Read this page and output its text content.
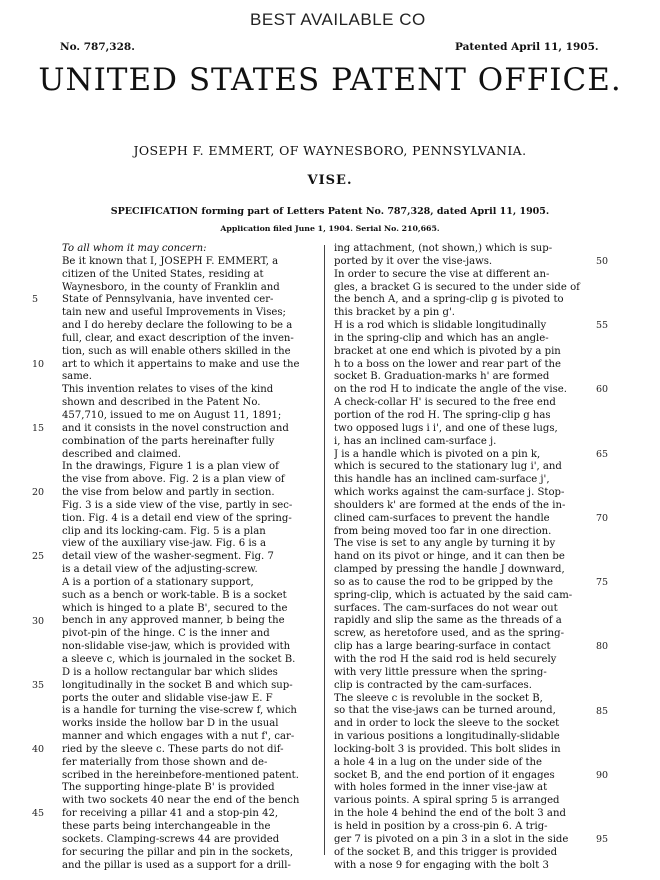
BEST AVAILABLE CO
No. 787,328.	Patented April 11, 1905.
UNITED STATES PATENT OFFICE.
JOSEPH F. EMMERT, OF WAYNESBORO, PENNSYLVANIA.
VISE.
SPECIFICATION forming part of Letters Patent No. 787,328, dated April 11, 1905.
Application filed June 1, 1904. Serial No. 210,665.
To all whom it may concern:
Be it known that I, JOSEPH F. EMMERT, a
citizen of the United States, residing at
Waynesboro, in the county of Franklin and
State of Pennsylvania, have invented cer-
tain new and useful Improvements in Vises;
and I do hereby declare the following to be a
full, clear, and exact description of the inven-
tion, such as will enable others skilled in the
art to which it appertains to make and use the
same.
This invention relates to vises of the kind
shown and described in the Patent No.
457,710, issued to me on August 11, 1891;
and it consists in the novel construction and
combination of the parts hereinafter fully
described and claimed.
In the drawings, Figure 1 is a plan view of
the vise from above. Fig. 2 is a plan view of
the vise from below and partly in section.
Fig. 3 is a side view of the vise, partly in sec-
tion. Fig. 4 is a detail end view of the spring-
clip and its locking-cam. Fig. 5 is a plan
view of the auxiliary vise-jaw. Fig. 6 is a
detail view of the washer-segment. Fig. 7
is a detail view of the adjusting-screw.
A is a portion of a stationary support,
such as a bench or work-table. B is a socket
which is hinged to a plate B', secured to the
bench in any approved manner, b being the
pivot-pin of the hinge. C is the inner and
non-slidable vise-jaw, which is provided with
a sleeve c, which is journaled in the socket B.
D is a hollow rectangular bar which slides
longitudinally in the socket B and which sup-
ports the outer and slidable vise-jaw E. F
is a handle for turning the vise-screw f, which
works inside the hollow bar D in the usual
manner and which engages with a nut f', car-
ried by the sleeve c. These parts do not dif-
fer materially from those shown and de-
scribed in the hereinbefore-mentioned patent.
The supporting hinge-plate B' is provided
with two sockets 40 near the end of the bench
for receiving a pillar 41 and a stop-pin 42,
these parts being interchangeable in the
sockets. Clamping-screws 44 are provided
for securing the pillar and pin in the sockets,
and the pillar is used as a support for a drill-
ing attachment, (not shown,) which is sup-
ported by it over the vise-jaws.
In order to secure the vise at different an-
gles, a bracket G is secured to the under side of
the bench A, and a spring-clip g is pivoted to
this bracket by a pin g'.
H is a rod which is slidable longitudinally
in the spring-clip and which has an angle-
bracket at one end which is pivoted by a pin
h to a boss on the lower and rear part of the
socket B. Graduation-marks h' are formed
on the rod H to indicate the angle of the vise.
A check-collar H' is secured to the free end
portion of the rod H. The spring-clip g has
two opposed lugs i i', and one of these lugs,
i, has an inclined cam-surface j.
J is a handle which is pivoted on a pin k,
which is secured to the stationary lug i', and
this handle has an inclined cam-surface j',
which works against the cam-surface j. Stop-
shoulders k' are formed at the ends of the in-
clined cam-surfaces to prevent the handle
from being moved too far in one direction.
The vise is set to any angle by turning it by
hand on its pivot or hinge, and it can then be
clamped by pressing the handle J downward,
so as to cause the rod to be gripped by the
spring-clip, which is actuated by the said cam-
surfaces. The cam-surfaces do not wear out
rapidly and slip the same as the threads of a
screw, as heretofore used, and as the spring-
clip has a large bearing-surface in contact
with the rod H the said rod is held securely
with very little pressure when the spring-
clip is contracted by the cam-surfaces.
The sleeve c is revoluble in the socket B,
so that the vise-jaws can be turned around,
and in order to lock the sleeve to the socket
in various positions a longitudinally-slidable
locking-bolt 3 is provided. This bolt slides in
a hole 4 in a lug on the under side of the
socket B, and the end portion of it engages
with holes formed in the inner vise-jaw at
various points. A spiral spring 5 is arranged
in the hole 4 behind the end of the bolt 3 and
is held in position by a cross-pin 6. A trig-
ger 7 is pivoted on a pin 3 in a slot in the side
of the socket B, and this trigger is provided
with a nose 9 for engaging with the bolt 3
5
10
15
20
25
30
35
40
45
50
55
60
65
70
75
80
85
90
95
